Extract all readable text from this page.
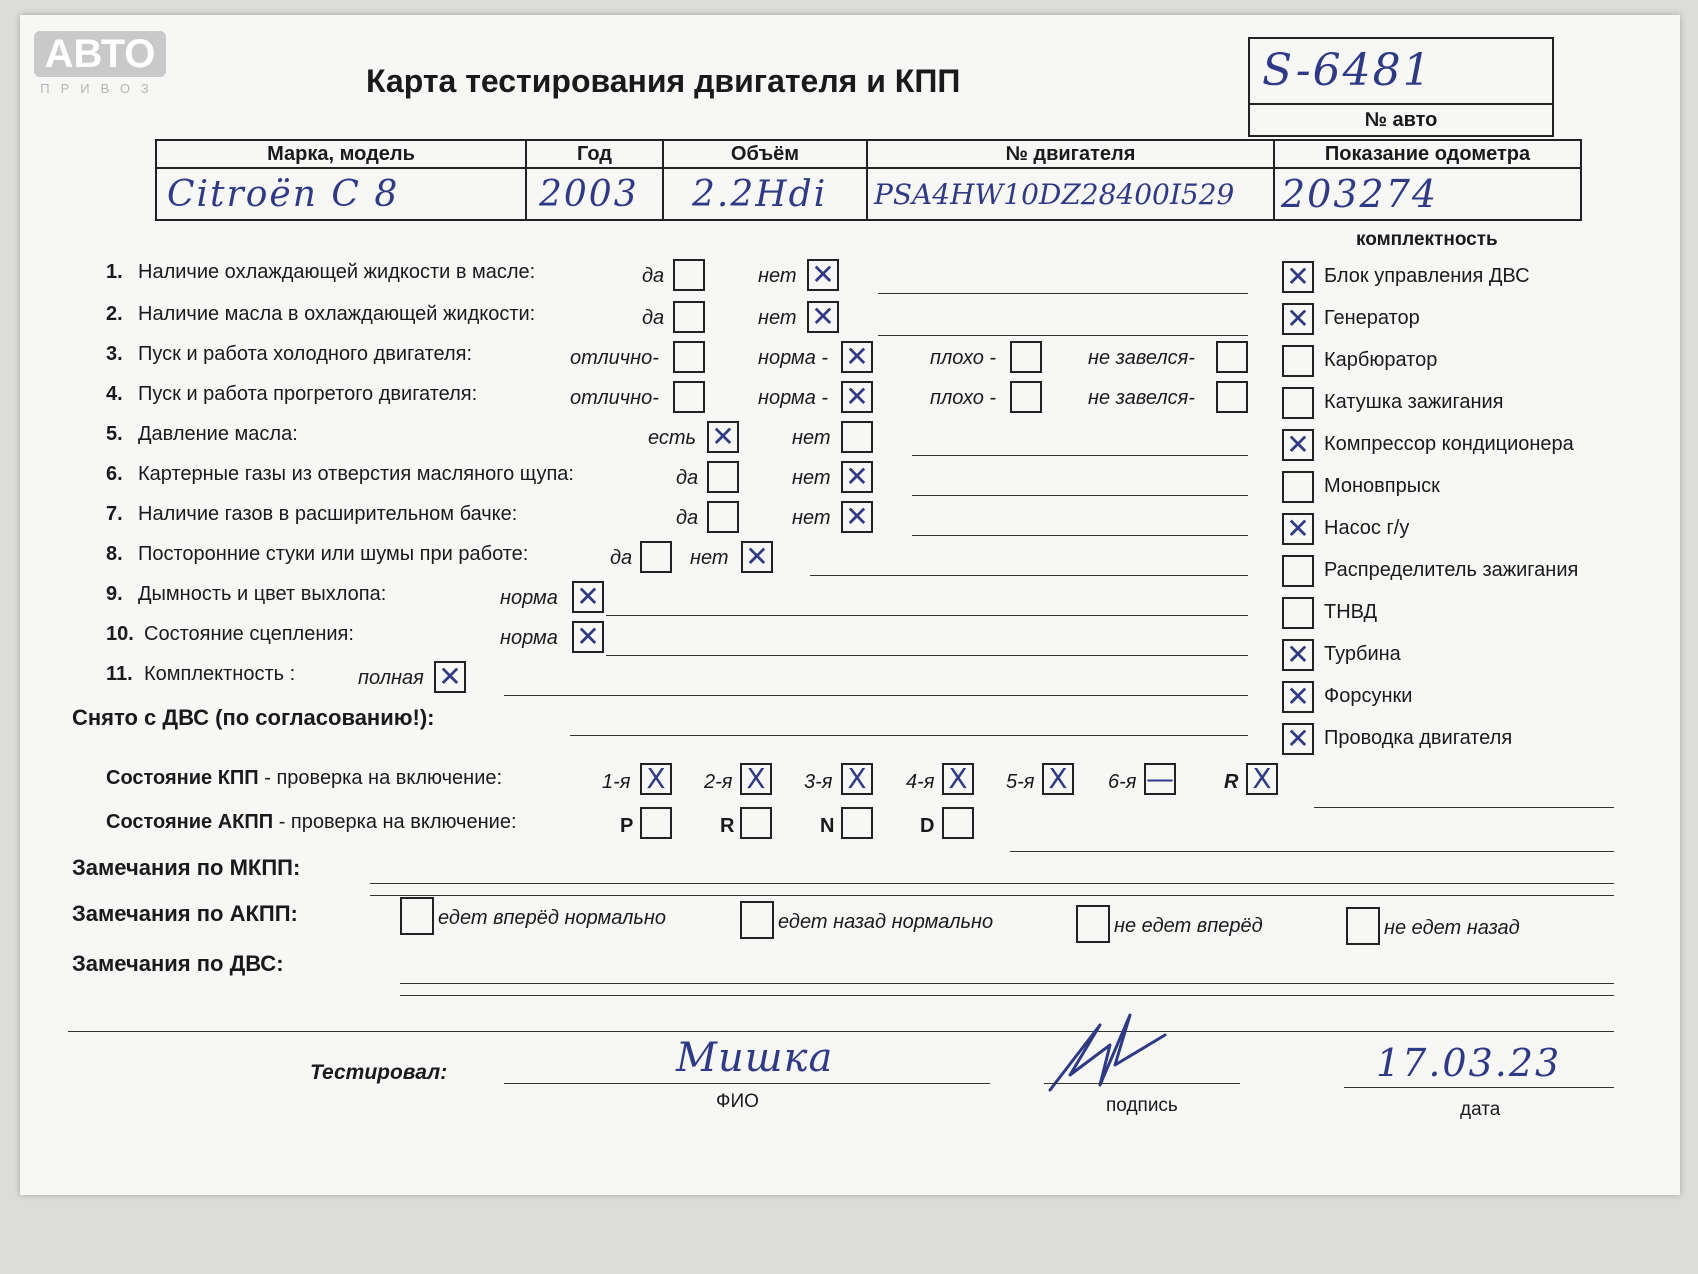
АВТО
ПРИВОЗ	Карта тестирования двигателя и КПП	S-6481
№ авто
Марка, модель	Год	Объём	№ двигателя	Показание одометра

Citroën C 8	2003	2.2Hdi	PSA4HW10DZ28400I529	203274
1. Наличие охлаждающей жидкости в масле:	да	нет ✕
2. Наличие масла в охлаждающей жидкости:	да	нет ✕
3. Пуск и работа холодного двигателя:	отлично-	норма - ✕	плохо -	не завелся-
4. Пуск и работа прогретого двигателя:	отлично-	норма - ✕	плохо -	не завелся-
5. Давление масла:	есть ✕	нет
6. Картерные газы из отверстия масляного щупа:	да	нет ✕
7. Наличие газов в расширительном бачке:	да	нет ✕
8. Посторонние стуки или шумы при работе:	да	нет ✕
9. Дымность и цвет выхлопа:	норма ✕
10. Состояние сцепления:	норма ✕
11. Комплектность :	полная ✕
Снято с ДВС (по согласованию!):
комплектность
✕ Блок управления ДВС
✕ Генератор
Карбюратор
Катушка зажигания
✕ Компрессор кондиционера
Моновпрыск
✕ Насос г/у
Распределитель зажигания
ТНВД
✕ Турбина
✕ Форсунки
✕ Проводка двигателя
Состояние КПП - проверка на включение:	1-я X 2-я X 3-я X 4-я X 5-я X 6-я —	R X
Состояние АКПП - проверка на включение:	P	R	N	D
Замечания по МКПП:
Замечания по АКПП:	едет вперёд нормально	едет назад нормально	не едет вперёд	не едет назад
Замечания по ДВС:
Тестировал:	Мишка
ФИО	подпись
17.03.23
дата
